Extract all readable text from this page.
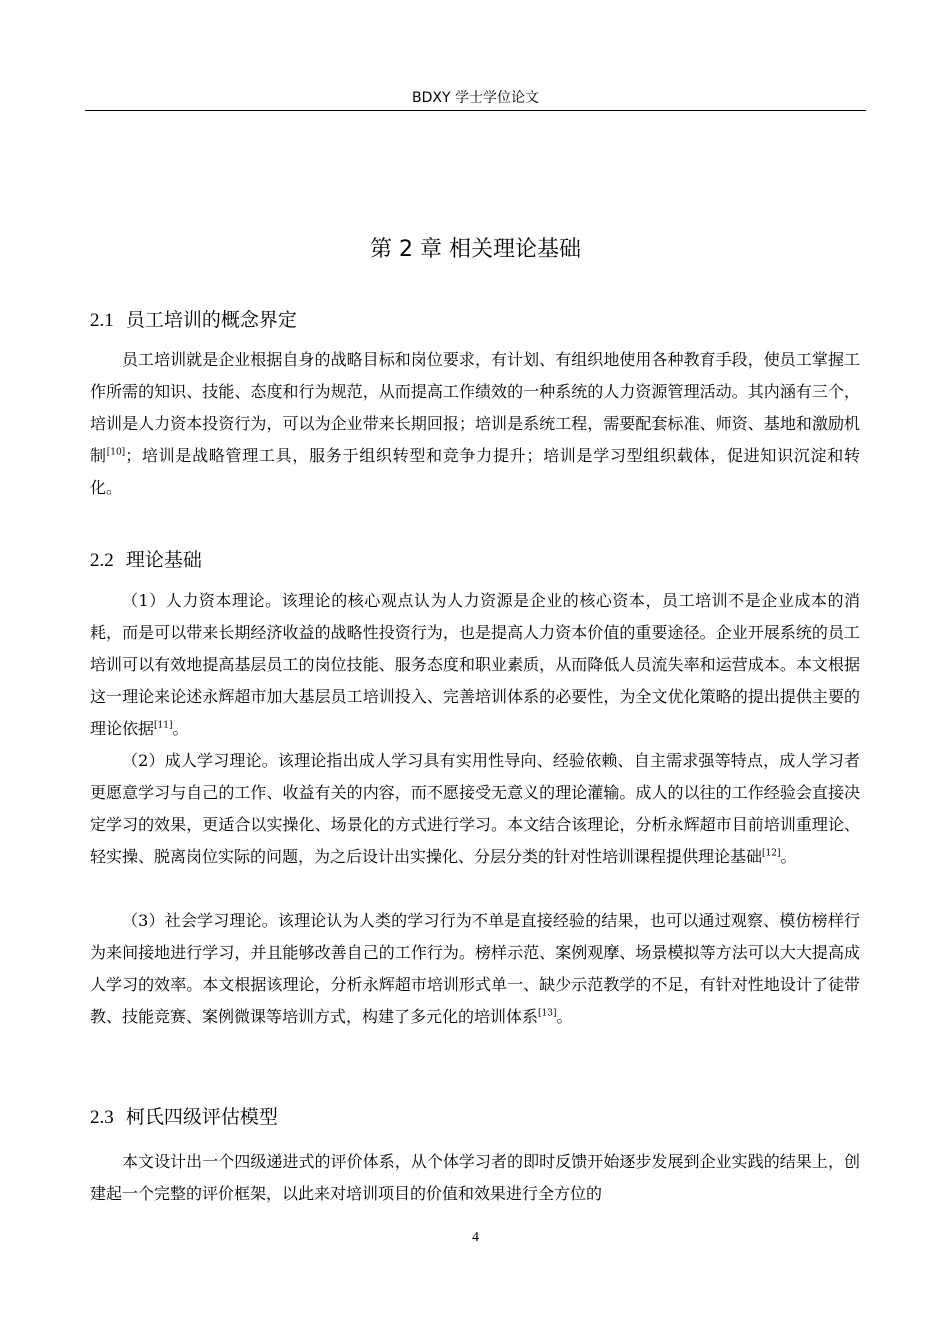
BDXY 学士学位论文
第 2 章 相关理论基础
2.1 员工培训的概念界定

员工培训就是企业根据自身的战略目标和岗位要求，有计划、有组织地使用各种教育手段，使员工掌握工作所需的知识、技能、态度和行为规范，从而提高工作绩效的一种系统的人力资源管理活动。其内涵有三个，培训是人力资本投资行为，可以为企业带来长期回报；培训是系统工程，需要配套标准、师资、基地和激励机制[10]；培训是战略管理工具，服务于组织转型和竞争力提升；培训是学习型组织载体，促进知识沉淀和转化。

2.2 理论基础

（1）人力资本理论。该理论的核心观点认为人力资源是企业的核心资本，员工培训不是企业成本的消耗，而是可以带来长期经济收益的战略性投资行为，也是提高人力资本价值的重要途径。企业开展系统的员工培训可以有效地提高基层员工的岗位技能、服务态度和职业素质，从而降低人员流失率和运营成本。本文根据这一理论来论述永辉超市加大基层员工培训投入、完善培训体系的必要性，为全文优化策略的提出提供主要的理论依据[11]。

（2）成人学习理论。该理论指出成人学习具有实用性导向、经验依赖、自主需求强等特点，成人学习者更愿意学习与自己的工作、收益有关的内容，而不愿接受无意义的理论灌输。成人的以往的工作经验会直接决定学习的效果，更适合以实操化、场景化的方式进行学习。本文结合该理论，分析永辉超市目前培训重理论、轻实操、脱离岗位实际的问题，为之后设计出实操化、分层分类的针对性培训课程提供理论基础[12]。

（3）社会学习理论。该理论认为人类的学习行为不单是直接经验的结果，也可以通过观察、模仿榜样行为来间接地进行学习，并且能够改善自己的工作行为。榜样示范、案例观摩、场景模拟等方法可以大大提高成人学习的效率。本文根据该理论，分析永辉超市培训形式单一、缺少示范教学的不足，有针对性地设计了徒带教、技能竞赛、案例微课等培训方式，构建了多元化的培训体系[13]。

2.3 柯氏四级评估模型

本文设计出一个四级递进式的评价体系，从个体学习者的即时反馈开始逐步发展到企业实践的结果上，创建起一个完整的评价框架，以此来对培训项目的价值和效果进行全方位的

4
